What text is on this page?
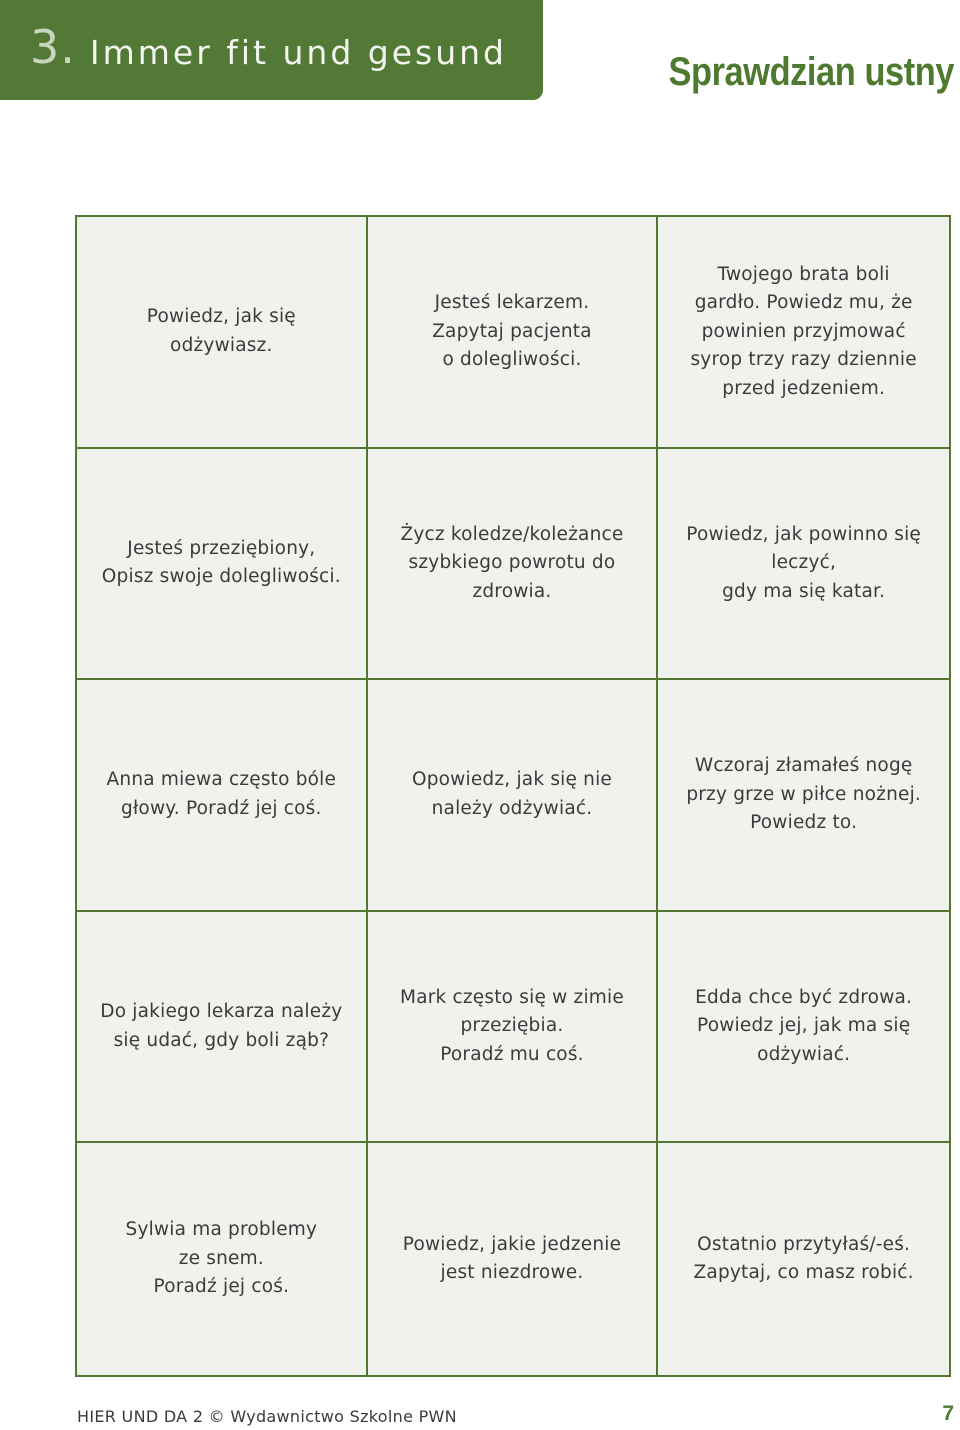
3. Immer fit und gesund	Sprawdzian ustny
Powiedz, jak się
odżywiasz.
Jesteś lekarzem.
Zapytaj pacjenta
o dolegliwości.
Twojego brata boli
gardło. Powiedz mu, że
powinien przyjmować
syrop trzy razy dziennie
przed jedzeniem.
Jesteś przeziębiony,
Opisz swoje dolegliwości.
Życz koledze/koleżance
szybkiego powrotu do
zdrowia.
Powiedz, jak powinno się
leczyć,
gdy ma się katar.
Anna miewa często bóle
głowy. Poradź jej coś.
Opowiedz, jak się nie
należy odżywiać.
Wczoraj złamałeś nogę
przy grze w piłce nożnej.
Powiedz to.
Do jakiego lekarza należy
się udać, gdy boli ząb?
Mark często się w zimie
przeziębia.
Poradź mu coś.
Edda chce być zdrowa.
Powiedz jej, jak ma się
odżywiać.
Sylwia ma problemy
ze snem.
Poradź jej coś.
Powiedz, jakie jedzenie
jest niezdrowe.
Ostatnio przytyłaś/-eś.
Zapytaj, co masz robić.
HIER UND DA 2 © Wydawnictwo Szkolne PWN	7
